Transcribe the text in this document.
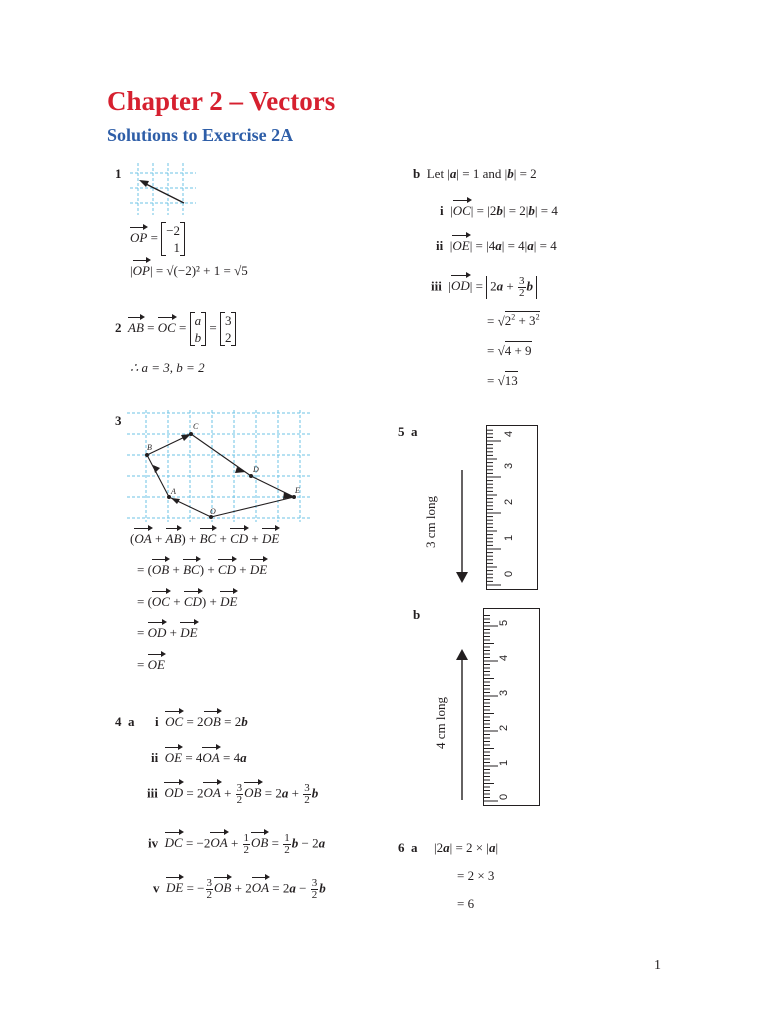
Chapter 2 – Vectors
Solutions to Exercise 2A
1
OP = −2
1
|OP| = √(−2)² + 1 = √5
2 AB = OC = a
b
= 3
2
∴ a = 3, b = 2
3
O
A
B
C
D
E
(OA + AB) + BC + CD + DE
= (OB + BC) + CD + DE
= (OC + CD) + DE
= OD + DE
= OE
4 a i OC = 2OB = 2b
ii OE = 4OA = 4a
iii OD = $2OA + \frac{3}{2}$ OB = $2a + \frac{3}{2}$ b
iv DC = $-2OA + \frac{1}{2}$ OB = $\frac{1}{2}$ b − 2a
v DE = − $\frac{3}{2}$ OB + $2OA = 2a - \frac{3}{2}$ b
b  Let |a| = 1 and |b| = 2
i  |OC| = |2b| = 2|b| = 4
ii  |OE| = |4a| = 4|a| = 4
iii  $|OD| = 2a + \frac{3}{2}$ b
= $√2^2 + 3^2$
= √4 + 9
= √13
5 a
3 cm long
0
1
2
3
4
b
4 cm long
0
1
2
3
4
5
6 a |2a| = 2 × |a|
= 2 × 3
= 6
1
